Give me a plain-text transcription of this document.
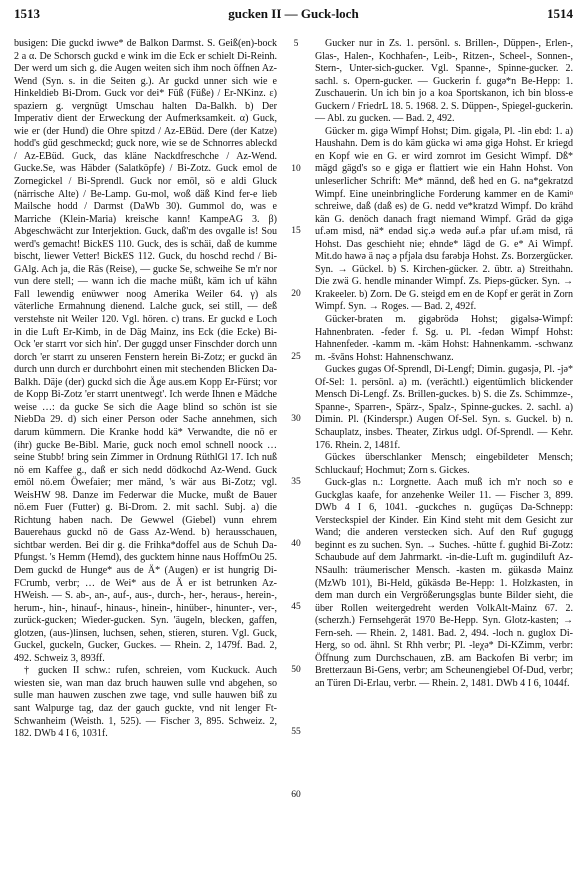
1513	gucken II — Guck-loch	1514

busigen: Die guckd iwwe* de Balkon Darmst. S. Geiß(en)-bock 2 a α. De Schorsch guckd e wink im die Eck er schielt Di-Reinh. Der werd um sich g. die Augen weiten sich ihm noch öffnen Az-Wend (Syn. s. in die Seiten g.). Ar guckd unner sich wie e Hinkeldieb Bi-Drom. Guck vor dei* Füß (Füße) / Er-NKinz. ε) spaziern g. vergnügt Umschau halten Da-Balkh. b) Der Imperativ dient der Erweckung der Aufmerksamkeit. α) Guck, wie er (der Hund) die Ohre spitzd / Az-EBüd. Dere (der Katze) hodd's güd geschmeckd; guck nore, wie se de Schnorres ableckd / Az-EBüd. Guck, das kläne Nackdfreschche / Az-Wend. Gucke.Se, was Häbder (Salatköpfe) / Bi-Zotz. Guck emol de Zornegickel / Bi-Sprendl. Guck nor emöl, sö e aldi Gluck (närrische Alte) / Be-Lamp. Gu-mol, woß däß Kind fer-e lieb Mailsche hodd / Darmst (DaWb 30). Gummol do, was e Marriche (Klein-Maria) kreische kann! KampeAG 3. β) Abgeschwächt zur Interjektion. Guck, daß'm des ovgalle is! Sou werd's gemacht! BickES 110. Guck, des is schäi, daß de kumme bischt, liewer Vetter! BickES 112. Guck, du hoschd rechd / Bi-GAlg. Ach ja, die Räs (Reise), — gucke Se, schweihe Se m'r nor vun dere stell; — wann ich die mache müßt, käm ich uf kähn Fall lewendig enüwwer noog Amerika Weiler 64. γ) als väterliche Ermahnung dienend. Lalche guck, sei still, — deß verstehste nit Weiler 120. Vgl. hören. c) trans. Er guckd e Loch in die Luft Er-Kimb, in de Däg Mainz, ins Eck (die Ecke) Bi-Ock 'er starrt vor sich hin'. Der guggd unser Finschder dorch unn dorch 'er starrt zu unseren Fenstern herein Bi-Zotz; er guckd än durch unn durch er durchbohrt einen mit stechenden Blicken Da-Balkh. Däje (der) guckd sich die Äge aus.em Kopp Er-Fürst; vor de Kopp Bi-Zotz 'er starrt unentwegt'. Ich werde Ihnen e Mädche weise …: da gucke Se sich die Aage blind so schön ist sie NiebDa 29. d) sich einer Person oder Sache annehmen, sich darum kümmern. Die Kranke hodd kä* Verwandte, die nö er (ihr) gucke Be-Bibl. Marie, guck noch emol schnell noock … seine Stubb! bring sein Zimmer in Ordnung RüthlGl 17. Ich nuß nö em Kaffee g., daß er sich nedd dödkochd Az-Wend. Guck emöl nö.em Öwefaier; mer mänd, 's wär aus Bi-Zotz; vgl. WeisHW 98. Danze im Federwar die Mucke, mußt de Bauer nö.em Fuer (Futter) g. Bi-Drom. 2. mit sachl. Subj. a) die Richtung haben nach. De Gewwel (Giebel) vunn ehrem Bauerehaus guckd nö de Gass Az-Wend. b) herausschauen, sichtbar werden. Bei dir g. die Frihka*doffel aus de Schuh Da-Pfungst. 's Hemm (Hemd), des gucktem hinne naus HoffmOu 25. Dem guckd de Hunge* aus de Ä* (Augen) er ist hungrig Di-FCrumb, verbr; … de Wei* aus de Ä er ist betrunken Az-HWeish. — S. ab-, an-, auf-, aus-, durch-, her-, heraus-, herein-, herum-, hin-, hinauf-, hinaus-, hinein-, hinüber-, hinunter-, ver-, zurück-gucken; Wieder-gucken. Syn. 'äugeln, blecken, gaffen, glotzen, (aus-)linsen, luchsen, sehen, stieren, sturen. Vgl. Guck, Guckel, guckeln, Gucker, Guckes. — Rhein. 2, 1479f. Bad. 2, 492. Schweiz 3, 893ff.

† gucken II schw.: rufen, schreien, vom Kuckuck. Auch wiesten sie, wan man daz bruch hauwen sulle vnd abgehen, so sulle man hauwen zuschen zwe tage, vnd sulle hauwen biß zu sant Walpurge tag, daz der gauch guckte, vnd nit lenger Ft-Schwanheim (Weisth. 1, 525). — Fischer 3, 895. Schweiz. 2, 182. DWb 4 I 6, 1031f.

5
10
15
20
25
30
35
40
45
50
55
60

Gucker nur in Zs. 1. persönl. s. Brillen-, Düppen-, Erlen-, Glas-, Halen-, Kochhafen-, Leib-, Ritzen-, Scheel-, Sonnen-, Stern-, Unter-sich-gucker. Vgl. Spanne-, Spinne-gucker. 2. sachl. s. Opern-gucker. — Guckerin f. gugə*n Be-Hepp: 1. Zuschauerin. Un ich bin jo a koa Sportskanon, ich bin bloss-e Guckern / FriedrL 18. 5. 1968. 2. S. Düppen-, Spiegel-guckerin. — Abl. zu gucken. — Bad. 2, 492.

Gücker m. gigə Wimpf Hohst; Dim. gigələ, Pl. -lin ebd: 1. a) Haushahn. Dem is do käm gückə wi əmə gigə Hohst. Er kriegd en Kopf wie en G. er wird zornrot im Gesicht Wimpf. Dß* mägd gägd's so e gigə er flattiert wie ein Hahn Hohst. Von unleserlicher Schrift: Me* männd, deß hed en G. na*gekratzd Wimpf. Eine uneinbringliche Forderung kammer en de Kamiⁿ schreiwe, daß (daß es) de G. nedd ve*kratzd Wimpf. Do krähd kän G. denöch danach fragt niemand Wimpf. Gräd də gigə uf.əm misd, nä* endəd siç.ə wedə əuf.ə pfar uf.əm misd, rä Hohst. Das geschieht nie; ehnde* lägd de G. e* Ai Wimpf. Mit.do hawə ä nəç ə pfjəla dsu fərəbjə Hohst. Zs. Borzergücker. Syn. → Gückel. b) S. Kirchen-gücker. 2. übtr. a) Streithahn. Die zwä G. hendle minander Wimpf. Zs. Pieps-gücker. Syn. → Krakeeler. b) Zorn. De G. steigd em en de Kopf er gerät in Zorn Wimpf. Syn. → Roges. — Bad. 2, 492f.

Gücker-braten m. gigəbrödə Hohst; gigəlsə-Wimpf: Hahnenbraten. -feder f. Sg. u. Pl. -fedən Wimpf Hohst: Hahnenfeder. -kamm m. -käm Hohst: Hahnenkamm. -schwanz m. -švāns Hohst: Hahnenschwanz.

Guckes gugəs Of-Sprendl, Di-Lengf; Dimin. gugəsjə, Pl. -jə* Of-Sel: 1. persönl. a) m. (verächtl.) eigentümlich blickender Mensch Di-Lengf. Zs. Brillen-guckes. b) S. die Zs. Schimmze-, Spanne-, Sparren-, Spärz-, Spalz-, Spinne-guckes. 2. sachl. a) Dimin. Pl. (Kinderspr.) Augen Of-Sel. Syn. s. Guckel. b) n. Schauplatz, insbes. Theater, Zirkus udgl. Of-Sprendl. — Kehr. 176. Rhein. 2, 1481f.

Gückes überschlanker Mensch; eingebildeter Mensch; Schluckauf; Hochmut; Zorn s. Gickes.

Guck-glas n.: Lorgnette. Aach muß ich m'r noch so e Guckglas kaafe, for anzehenke Weiler 11. — Fischer 3, 899. DWb 4 I 6, 1041. -guckches n. gugüçəs Da-Schnepp: Versteckspiel der Kinder. Ein Kind steht mit dem Gesicht zur Wand; die anderen verstecken sich. Auf den Ruf gugugg beginnt es zu suchen. Syn. → Suches. -hütte f. gughid Bi-Zotz: Schaubude auf dem Jahrmarkt. -in-die-Luft m. gugindiluft Az-NSaulh: träumerischer Mensch. -kasten m. gükasdə Mainz (MzWb 101), Bi-Held, gükäsdə Be-Hepp: 1. Holzkasten, in dem man durch ein Vergrößerungsglas bunte Bilder sieht, die über Rollen weitergedreht werden VolkAlt-Mainz 67. 2. (scherzh.) Fernsehgerät 1970 Be-Hepp. Syn. Glotz-kasten; → Fern-seh. — Rhein. 2, 1481. Bad. 2, 494. -loch n. gugloх Di-Herg, so od. ähnl. St Rhh verbr; Pl. -leχə* Di-KZimm, verbr: Öffnung zum Durchschauen, zB. am Backofen Bi verbr; im Bretterzaun Bi-Gens, verbr; am Scheunengiebel Of-Dud, verbr; an Türen Di-Erlau, verbr. — Rhein. 2, 1481. DWb 4 I 6, 1044f.
